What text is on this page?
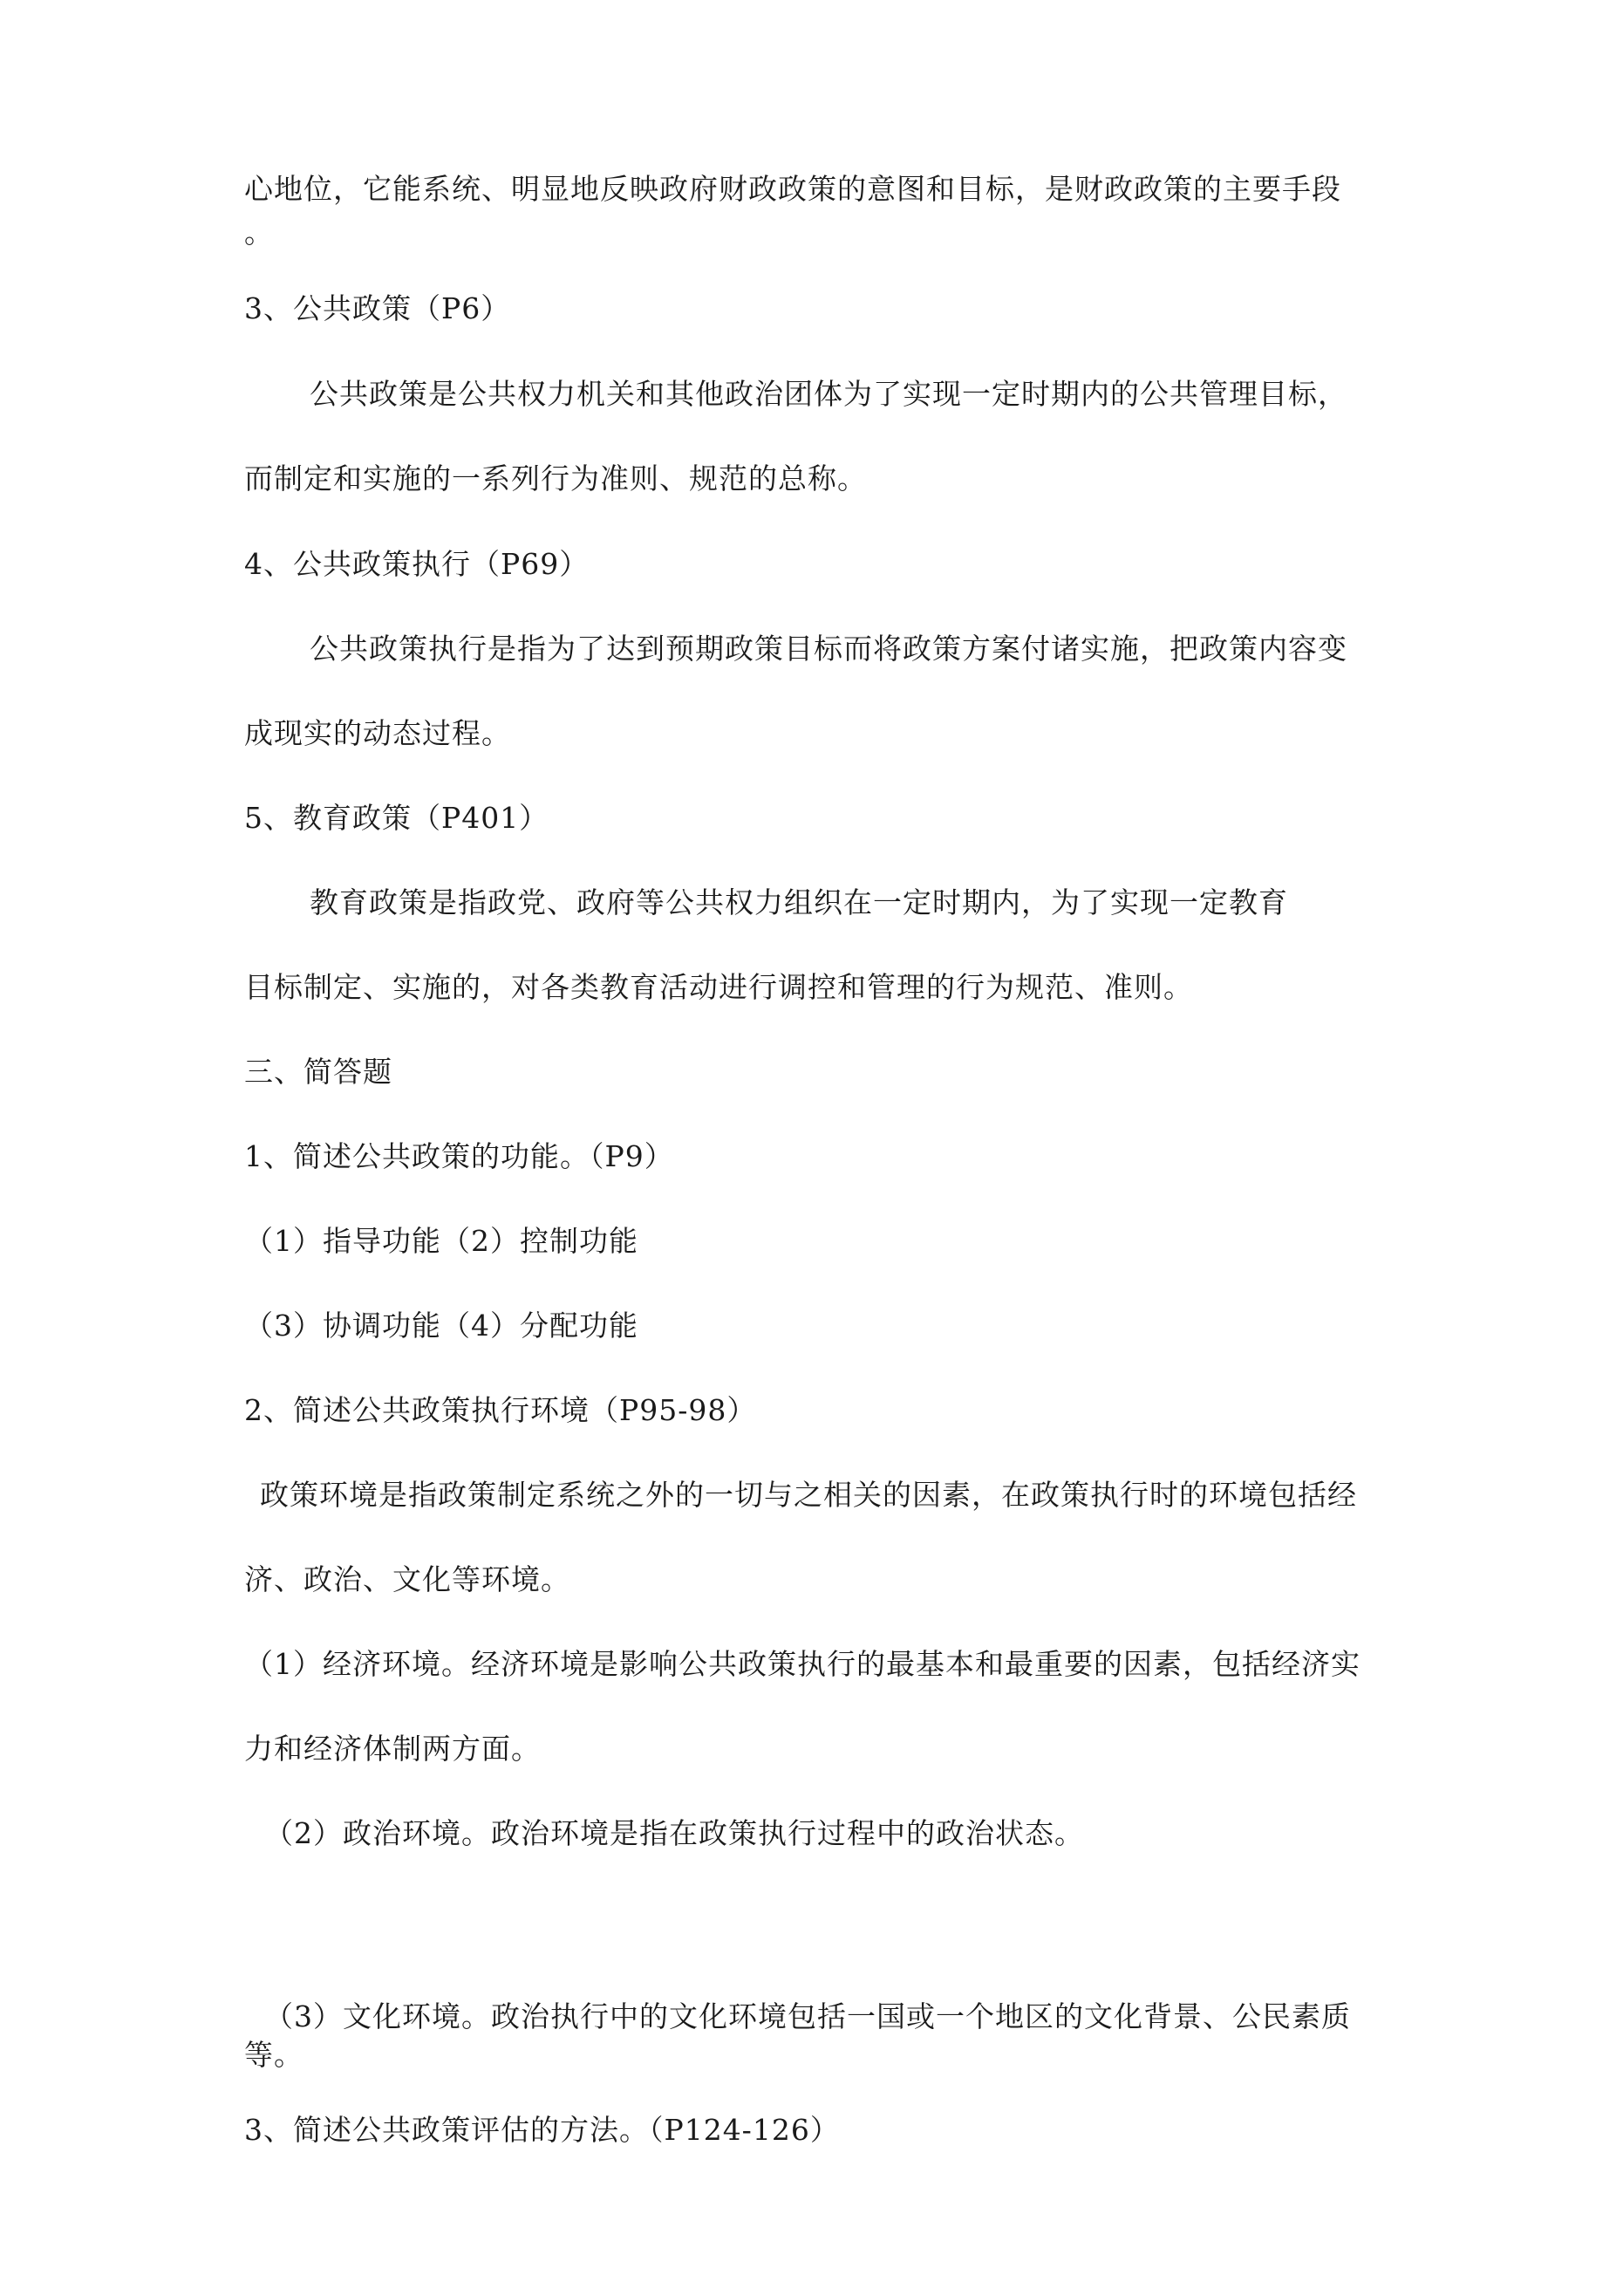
心地位，它能系统、明显地反映政府财政政策的意图和目标，是财政政策的主要手段
。
3、公共政策（P6）
公共政策是公共权力机关和其他政治团体为了实现一定时期内的公共管理目标，
而制定和实施的一系列行为准则、规范的总称。
4、公共政策执行（P69）
公共政策执行是指为了达到预期政策目标而将政策方案付诸实施，把政策内容变
成现实的动态过程。
5、教育政策（P401）
教育政策是指政党、政府等公共权力组织在一定时期内，为了实现一定教育
目标制定、实施的，对各类教育活动进行调控和管理的行为规范、准则。
三、简答题
1、简述公共政策的功能。（P9）
（1）指导功能（2）控制功能
（3）协调功能（4）分配功能
2、简述公共政策执行环境（P95-98）
政策环境是指政策制定系统之外的一切与之相关的因素，在政策执行时的环境包括经
济、政治、文化等环境。
（1）经济环境。经济环境是影响公共政策执行的最基本和最重要的因素，包括经济实
力和经济体制两方面。
（2）政治环境。政治环境是指在政策执行过程中的政治状态。
（3）文化环境。政治执行中的文化环境包括一国或一个地区的文化背景、公民素质
等。
3、简述公共政策评估的方法。（P124-126）
